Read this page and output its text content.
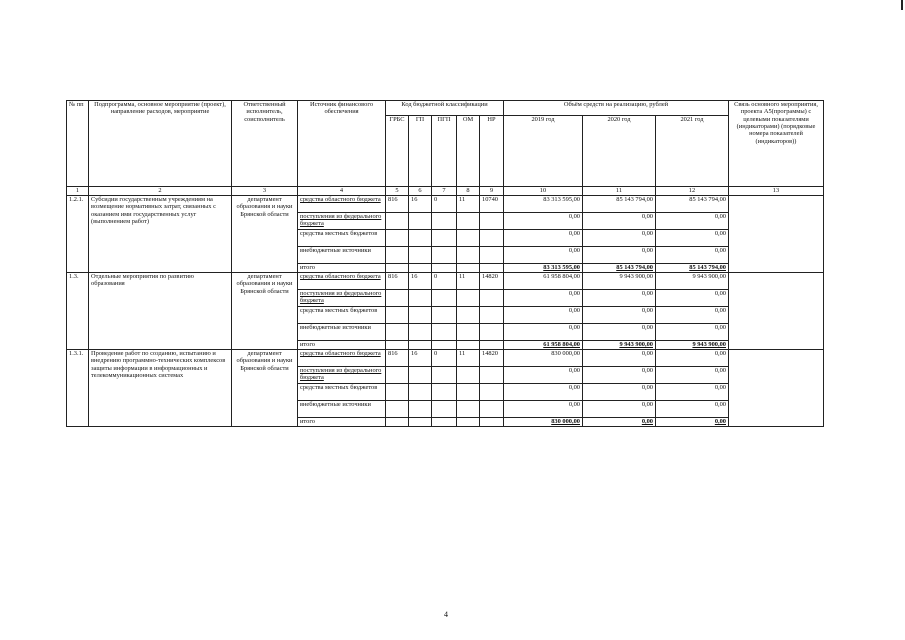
№ пп	Подпрограмма, основное мероприятие (проект), направление расходов, мероприятие	Ответственный исполнитель, соисполнитель	Источник финансового обеспечения	Код бюджетной классификации					Объём средств на реализацию, рублей			Связь основного мероприятия, проекта А5(программы) с целевыми показателями (индикаторами) (порядковые номера показателей (индикаторов))
				ГРБС	ГП	ПГП	ОМ	НР	2019 год	2020 год	2021 год	
1	2	3	4	5	6	7	8	9	10	11	12	13
1.2.1.	Субсидии государственным учреждениям на возмещение нормативных затрат, связанных с оказанием ими государственных услуг (выполнением работ)	департамент образования и науки Брянской области	средства областного бюджета	816	16	0	11	10740	83 313 595,00	85 143 794,00	85 143 794,00	
			поступления из федерального бюджета						0,00	0,00	0,00	
			средства местных бюджетов						0,00	0,00	0,00	
			внебюджетные источники						0,00	0,00	0,00	
			итого						83 313 595,00	85 143 794,00	85 143 794,00	
1.3.	Отдельные мероприятия по развитию образования	департамент образования и науки Брянской области	средства областного бюджета	816	16	0	11	14820	61 958 804,00	9 943 900,00	9 943 900,00	
			поступления из федерального бюджета						0,00	0,00	0,00	
			средства местных бюджетов						0,00	0,00	0,00	
			внебюджетные источники						0,00	0,00	0,00	
			итого						61 958 804,00	9 943 900,00	9 943 900,00	
1.3.1.	Проведение работ по созданию, испытанию и внедрению программно-технических комплексов защиты информации в информационных и телекоммуникационных системах	департамент образования и науки Брянской области	средства областного бюджета	816	16	0	11	14820	830 000,00	0,00	0,00	
			поступления из федерального бюджета						0,00	0,00	0,00	
			средства местных бюджетов						0,00	0,00	0,00	
			внебюджетные источники						0,00	0,00	0,00	
			итого						830 000,00	0,00	0,00	
4
